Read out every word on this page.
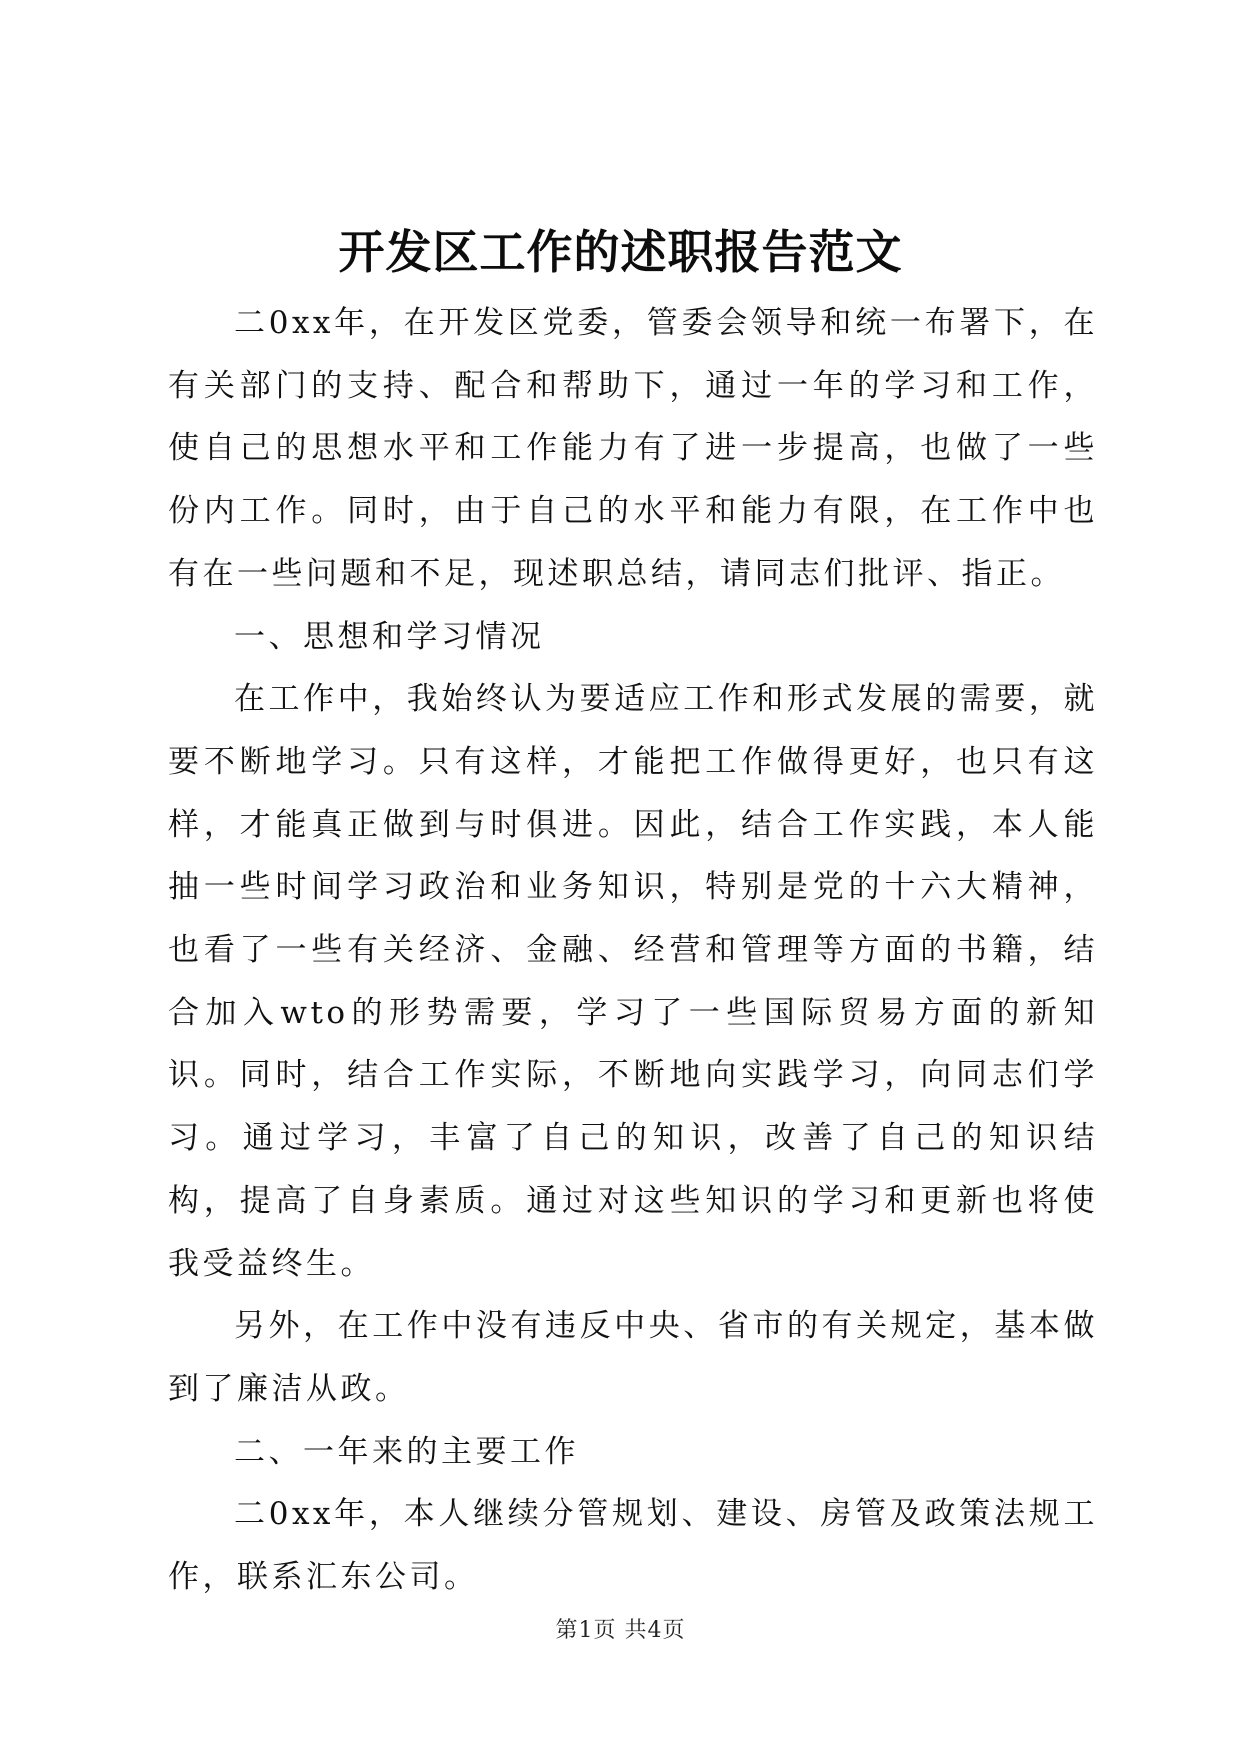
开发区工作的述职报告范文

二0xx年，在开发区党委，管委会领导和统一布署下，在有关部门的支持、配合和帮助下，通过一年的学习和工作，使自己的思想水平和工作能力有了进一步提高，也做了一些份内工作。同时，由于自己的水平和能力有限，在工作中也有在一些问题和不足，现述职总结，请同志们批评、指正。

一、思想和学习情况

在工作中，我始终认为要适应工作和形式发展的需要，就要不断地学习。只有这样，才能把工作做得更好，也只有这样，才能真正做到与时俱进。因此，结合工作实践，本人能抽一些时间学习政治和业务知识，特别是党的十六大精神，也看了一些有关经济、金融、经营和管理等方面的书籍，结合加入wto的形势需要，学习了一些国际贸易方面的新知识。同时，结合工作实际，不断地向实践学习，向同志们学习。通过学习，丰富了自己的知识，改善了自己的知识结构，提高了自身素质。通过对这些知识的学习和更新也将使我受益终生。

另外，在工作中没有违反中央、省市的有关规定，基本做到了廉洁从政。

二、一年来的主要工作

二0xx年，本人继续分管规划、建设、房管及政策法规工作，联系汇东公司。

第1页 共4页
